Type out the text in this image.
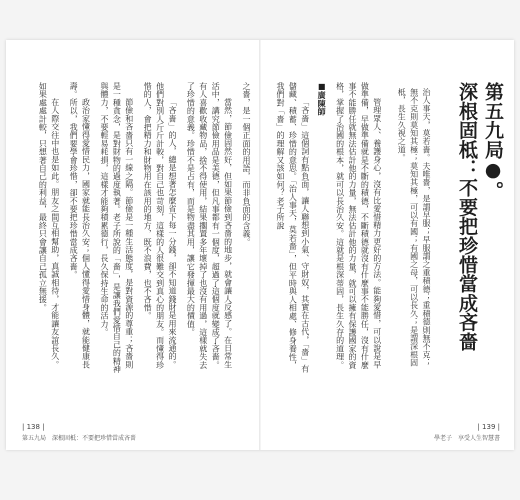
第五九局●。
深根固柢：不要把珍惜當成吝嗇
治人事天，莫若嗇。夫唯嗇，是謂早服；早服謂之重積德；重積德則無不克；無不克則莫知其極；莫知其極，可以有國；有國之母，可以長久；是謂深根固柢，長生久視之道。
管理眾人、養護身心，沒有比愛惜精力更好的方法。能夠愛惜，可以說是早做準備，早做準備就是不斷的積德，不斷積德就沒有什麼事不能勝任，沒有什麼事不能勝任就無法估計他的力量，無法估計他的力量，就可以擁有保護國家的資格，掌握了治國的根本，就可以長治久安。這就是根深蒂固，長生久存的道理。
■廣陳師
「吝嗇」這個詞有點負面，讓人聯想到小氣、守財奴，其實在古代，「嗇」有儲藏、積蓄、珍惜的意思。「治人事天，莫若嗇」，但平時與人相處、修身養性，我們對「嗇」的理解又該如何？老子所說
之嗇，是一個正面的用語，而非負面的含義。
當然，節儉固然好，但如果節儉到吝嗇的地步，就會讓人反感了。在日常生活中，講究節儉用品是美德，但凡事都有一個度，超過了這個度就變成了吝嗇。有人喜歡收藏物品，捨不得使用，結果擱置多年壞掉了也沒有用過，這樣就失去了珍惜的意義。珍惜不是占有，而是物盡其用，讓它發揮最大的價值。
「吝嗇」的人，總是想著怎麼省下每一分錢，卻不知道錢財是用來流通的。他們對別人斤斤計較，對自己也苛刻，這樣的人很難交到真心的朋友。而懂得珍惜的人，會把精力和財物用在該用的地方，既不浪費，也不吝惜。
節儉和吝嗇只有一線之隔。節儉是一種生活態度，是對資源的尊重；吝嗇則是一種貪念，是對財物的過度執著。老子所說的「嗇」，是讓我們愛惜自己的精神與體力，不要輕易耗損，這樣才能夠積累德行，長久保持生命的活力。
政治家懂得愛惜民力，國家就能長治久安；個人懂得愛惜身體，就能健康長壽。所以，我們要學會珍惜，卻不要把珍惜當成吝嗇。
在人際交往中也是如此。朋友之間互相幫助，真誠相待，才能讓友誼長久。如果處處計較，只想著自己的利益，最終只會讓自己孤立無援。
| 138 |
第五九局　深根固柢：不要把珍惜當成吝嗇
| 139 |
學老子　享受人生智慧書
